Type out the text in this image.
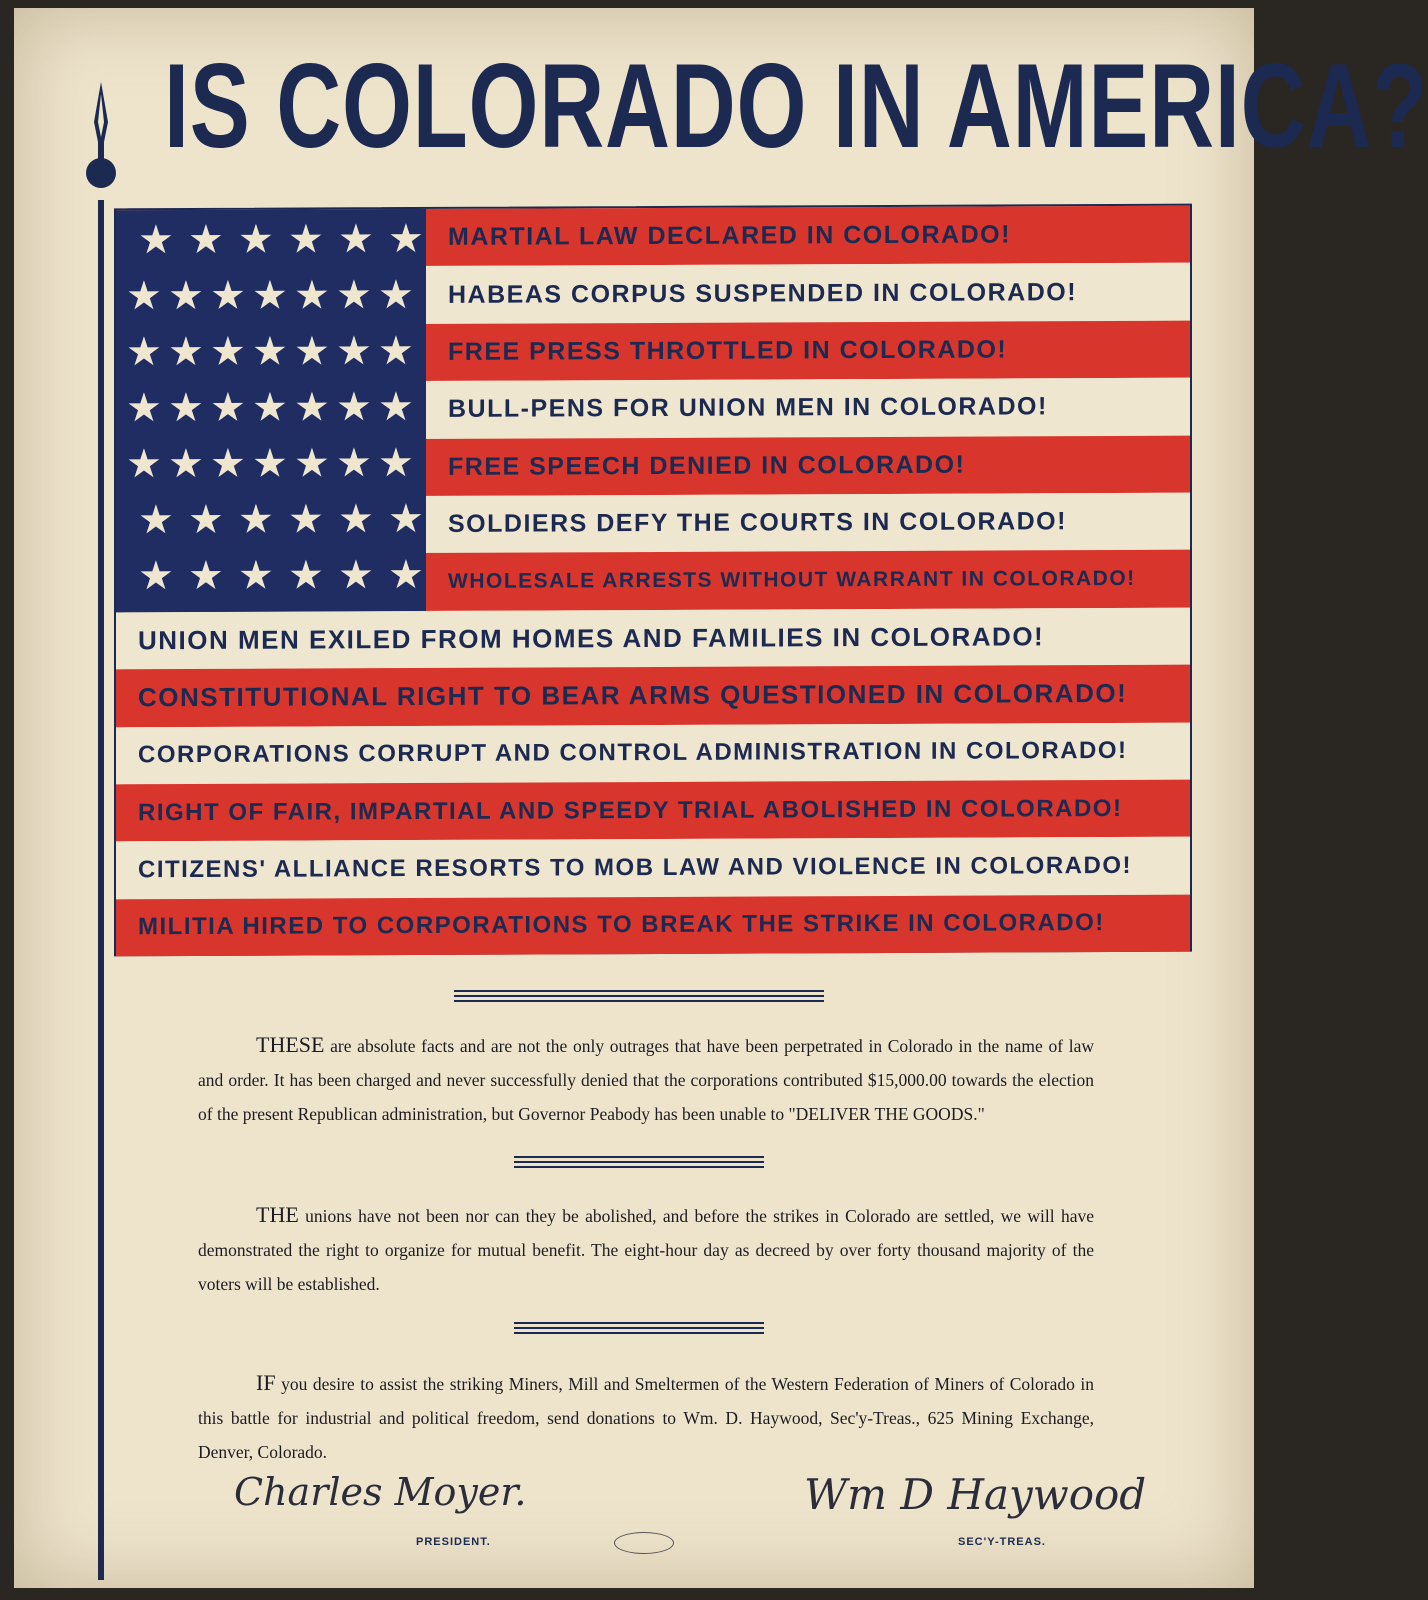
IS COLORADO IN AMERICA?
MARTIAL LAW DECLARED IN COLORADO!
HABEAS CORPUS SUSPENDED IN COLORADO!
FREE PRESS THROTTLED IN COLORADO!
BULL-PENS FOR UNION MEN IN COLORADO!
FREE SPEECH DENIED IN COLORADO!
SOLDIERS DEFY THE COURTS IN COLORADO!
WHOLESALE ARRESTS WITHOUT WARRANT IN COLORADO!
UNION MEN EXILED FROM HOMES AND FAMILIES IN COLORADO!
CONSTITUTIONAL RIGHT TO BEAR ARMS QUESTIONED IN COLORADO!
CORPORATIONS CORRUPT AND CONTROL ADMINISTRATION IN COLORADO!
RIGHT OF FAIR, IMPARTIAL AND SPEEDY TRIAL ABOLISHED IN COLORADO!
CITIZENS' ALLIANCE RESORTS TO MOB LAW AND VIOLENCE IN COLORADO!
MILITIA HIRED TO CORPORATIONS TO BREAK THE STRIKE IN COLORADO!
★ ★ ★ ★ ★ ★
★ ★ ★ ★ ★ ★ ★
★ ★ ★ ★ ★ ★ ★
★ ★ ★ ★ ★ ★ ★
★ ★ ★ ★ ★ ★ ★
★ ★ ★ ★ ★ ★
★ ★ ★ ★ ★ ★

THESE are absolute facts and are not the only outrages that have been perpetrated in Colorado in the name of law and order. It has been charged and never successfully denied that the corporations contributed $15,000.00 towards the election of the present Republican administration, but Governor Peabody has been unable to "DELIVER THE GOODS."

THE unions have not been nor can they be abolished, and before the strikes in Colorado are settled, we will have demonstrated the right to organize for mutual benefit. The eight-hour day as decreed by over forty thousand majority of the voters will be established.

IF you desire to assist the striking Miners, Mill and Smeltermen of the Western Federation of Miners of Colorado in this battle for industrial and political freedom, send donations to Wm. D. Haywood, Sec'y-Treas., 625 Mining Exchange, Denver, Colorado.

Charles Moyer.
PRESIDENT.
Wm D Haywood
SEC'Y-TREAS.
